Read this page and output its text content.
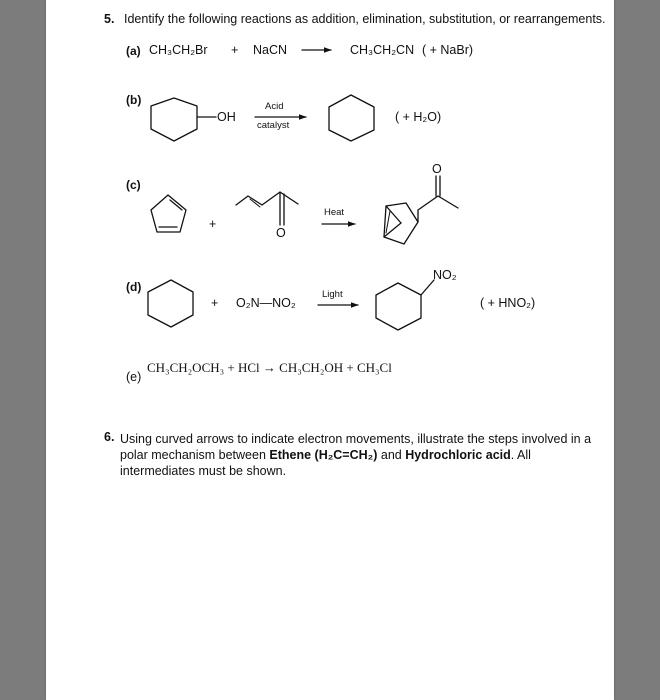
5. Identify the following reactions as addition, elimination, substitution, or rearrangements.
(a) CH₃CH₂Br + NaCN	CH₃CH₂CN ( + NaBr)
(b)
OH
Acid
catalyst
( + H₂O)
(c)
+
O
Heat
O
(d)
+ O₂N—NO₂
Light
NO₂
( + HNO₂)
(e)
CH₃CH₂OCH₃ + HCl → CH₃CH₂OH + CH₃Cl
6. Using curved arrows to indicate electron movements, illustrate the steps involved in a polar mechanism between Ethene (H₂C=CH₂) and Hydrochloric acid. All intermediates must be shown.
